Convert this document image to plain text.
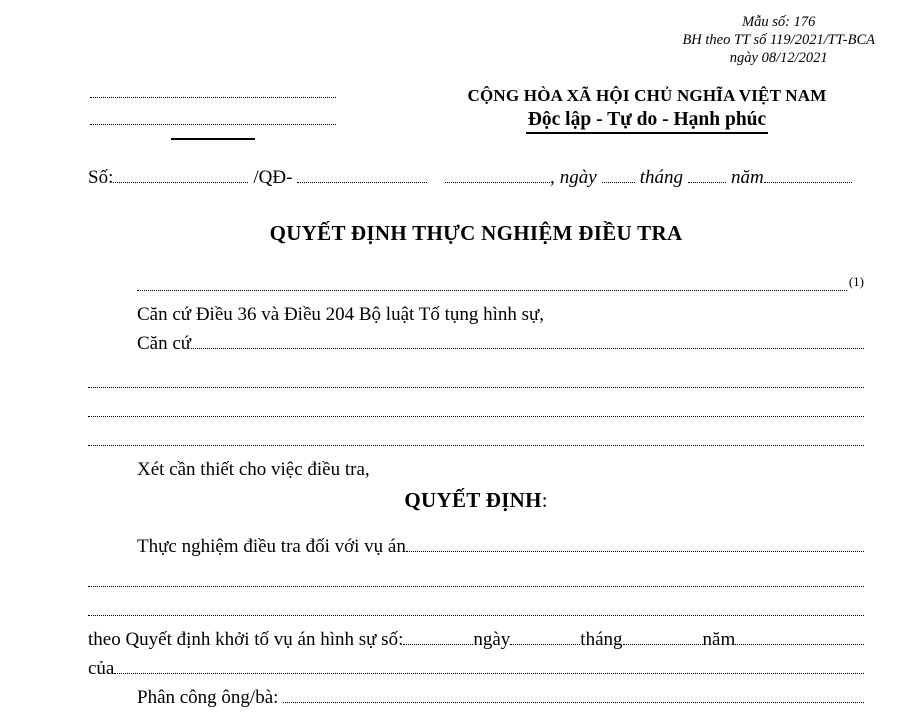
Mẫu số: 176
BH theo TT số 119/2021/TT-BCA
ngày 08/12/2021
CỘNG HÒA XÃ HỘI CHỦ NGHĨA VIỆT NAM
Độc lập - Tự do - Hạnh phúc
Số:	/QĐ-	, ngày tháng	năm
QUYẾT ĐỊNH THỰC NGHIỆM ĐIỀU TRA
(1)
Căn cứ Điều 36 và Điều 204 Bộ luật Tố tụng hình sự,
Căn cứ
Xét cần thiết cho việc điều tra,
QUYẾT ĐỊNH :
Thực nghiệm điều tra đối với vụ án
theo Quyết định khởi tố vụ án hình sự số:	ngày	tháng	năm
của
Phân công ông/bà:
